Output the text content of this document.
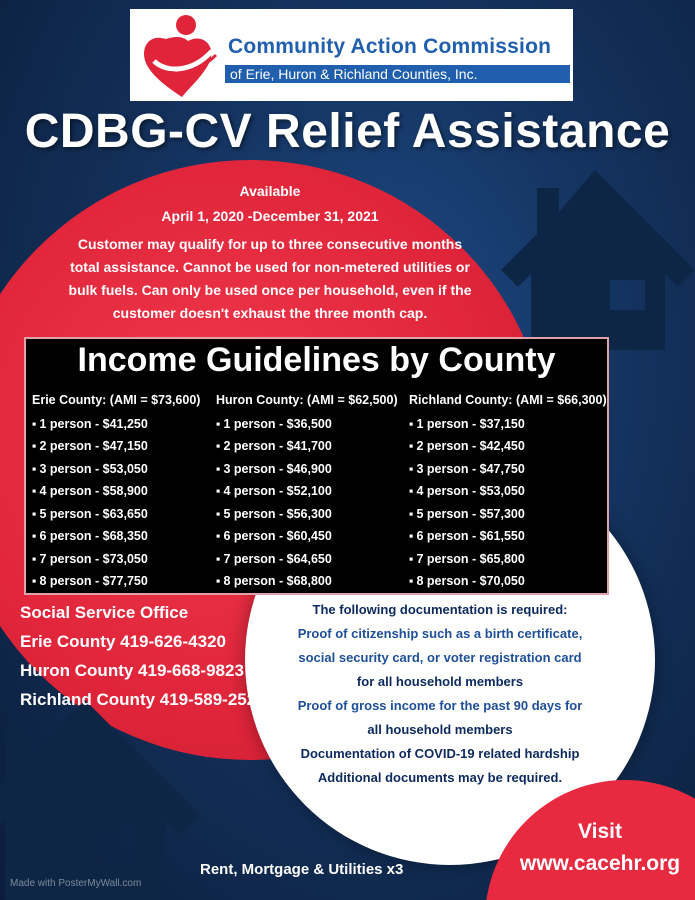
Community Action Commission
of Erie, Huron & Richland Counties, Inc.
CDBG-CV Relief Assistance
Available
April 1, 2020 -December 31, 2021
Customer may qualify for up to three consecutive months
total assistance. Cannot be used for non-metered utilities or
bulk fuels. Can only be used once per household, even if the
customer doesn't exhaust the three month cap.
Income Guidelines by County
Erie County: (AMI = $73,600)
▪ 1 person - $41,250
▪ 2 person - $47,150
▪ 3 person - $53,050
▪ 4 person - $58,900
▪ 5 person - $63,650
▪ 6 person - $68,350
▪ 7 person - $73,050
▪ 8 person - $77,750
Huron County: (AMI = $62,500)
▪ 1 person - $36,500
▪ 2 person - $41,700
▪ 3 person - $46,900
▪ 4 person - $52,100
▪ 5 person - $56,300
▪ 6 person - $60,450
▪ 7 person - $64,650
▪ 8 person - $68,800
Richland County: (AMI = $66,300)
▪ 1 person - $37,150
▪ 2 person - $42,450
▪ 3 person - $47,750
▪ 4 person - $53,050
▪ 5 person - $57,300
▪ 6 person - $61,550
▪ 7 person - $65,800
▪ 8 person - $70,050
Social Service Office
Erie County 419-626-4320
Huron County 419-668-9823
Richland County 419-589-2520
The following documentation is required:
Proof of citizenship such as a birth certificate,
social security card, or voter registration card
for all household members
Proof of gross income for the past 90 days for
all household members
Documentation of COVID-19 related hardship
Additional documents may be required.
Visit
www.cacehr.org
Rent, Mortgage & Utilities x3
Made with PosterMyWall.com
